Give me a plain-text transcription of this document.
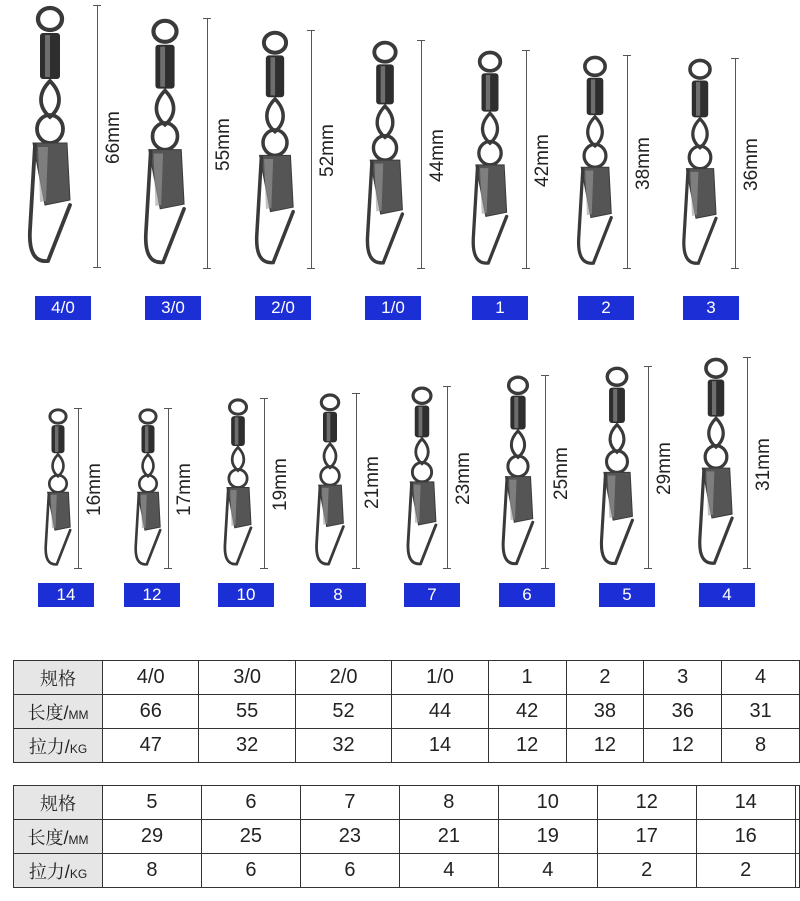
66mm
4/0
55mm
3/0
52mm
2/0
44mm
1/0
42mm
1
38mm
2
36mm
3
16mm
14
17mm
12
19mm
10
21mm
8
23mm
7
25mm
6
29mm
5
31mm
4
规格	4/0	3/0	2/0	1/0	1	2	3	4
长度/MM	66	55	52	44	42	38	36	31
拉力/KG	47	32	32	14	12	12	12	8
规格	5	6	7	8	10	12	14	
长度/MM	29	25	23	21	19	17	16	
拉力/KG	8	6	6	4	4	2	2	
